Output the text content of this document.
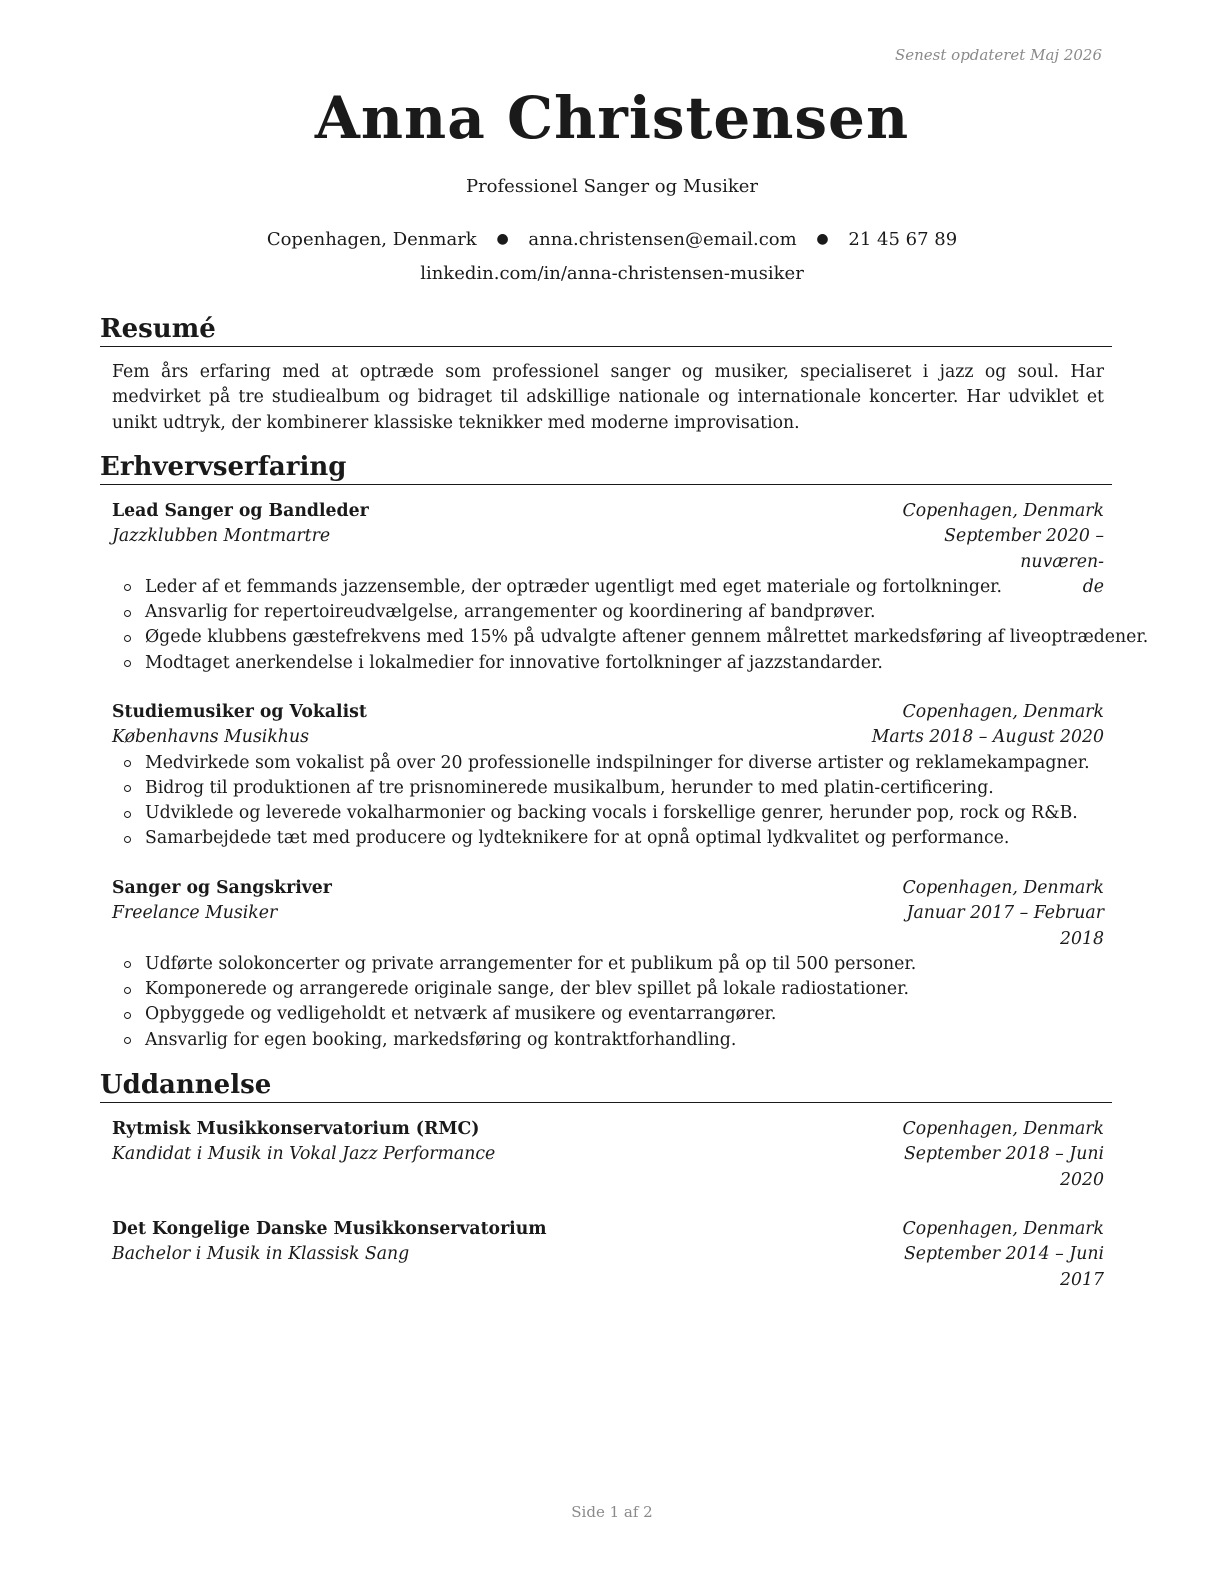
Senest opdateret Maj 2026
Anna Christensen
Professionel Sanger og Musiker
Copenhagen, Denmark ● anna.christensen@email.com ● 21 45 67 89
linkedin.com/in/anna-christensen-musiker
Resumé
Fem års erfaring med at optræde som professionel sanger og musiker, specialiseret i jazz og soul. Har medvirket på tre studiealbum og bidraget til adskillige nationale og internationale koncerter. Har udviklet et unikt udtryk, der kombinerer klassiske teknikker med moderne improvisation.
Erhvervserfaring
Lead Sanger og Bandleder	Copenhagen, Denmark
Jazzklubben Montmartre	September 2020 – nuværen-
de
Leder af et femmands jazzensemble, der optræder ugentligt med eget materiale og fortolkninger.
Ansvarlig for repertoireudvælgelse, arrangementer og koordinering af bandprøver.
Øgede klubbens gæstefrekvens med 15% på udvalgte aftener gennem målrettet markedsføring af liveoptrædener.
Modtaget anerkendelse i lokalmedier for innovative fortolkninger af jazzstandarder.
Studiemusiker og Vokalist	Copenhagen, Denmark
Københavns Musikhus	Marts 2018 – August 2020
Medvirkede som vokalist på over 20 professionelle indspilninger for diverse artister og reklamekampagner.
Bidrog til produktionen af tre prisnominerede musikalbum, herunder to med platin-certificering.
Udviklede og leverede vokalharmonier og backing vocals i forskellige genrer, herunder pop, rock og R&B.
Samarbejdede tæt med producere og lydteknikere for at opnå optimal lydkvalitet og performance.
Sanger og Sangskriver	Copenhagen, Denmark
Freelance Musiker	Januar 2017 – Februar
2018
Udførte solokoncerter og private arrangementer for et publikum på op til 500 personer.
Komponerede og arrangerede originale sange, der blev spillet på lokale radiostationer.
Opbyggede og vedligeholdt et netværk af musikere og eventarrangører.
Ansvarlig for egen booking, markedsføring og kontraktforhandling.
Uddannelse
Rytmisk Musikkonservatorium (RMC)	Copenhagen, Denmark
Kandidat i Musik in Vokal Jazz Performance	September 2018 – Juni
2020
Det Kongelige Danske Musikkonservatorium	Copenhagen, Denmark
Bachelor i Musik in Klassisk Sang	September 2014 – Juni
2017
Side 1 af 2
